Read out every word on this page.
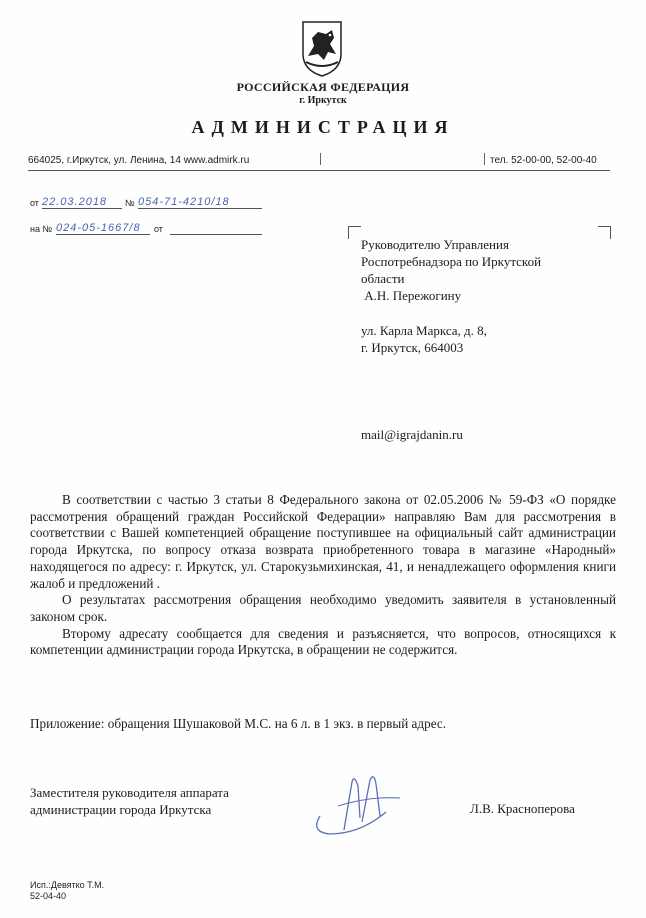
РОССИЙСКАЯ ФЕДЕРАЦИЯ
г. Иркутск
АДМИНИСТРАЦИЯ
664025, г.Иркутск, ул. Ленина, 14 www.admirk.ru	тел. 52-00-00, 52-00-40
от 22.03.2018 № 054-71-4210/18
на № 024-05-1667/8 от
Руководителю Управления
Роспотребнадзора по Иркутской
области
А.Н. Пережогину
ул. Карла Маркса, д. 8,
г. Иркутск, 664003
mail@igrajdanin.ru

В соответствии с частью 3 статьи 8 Федерального закона от 02.05.2006 № 59-ФЗ «О порядке рассмотрения обращений граждан Российской Федерации» направляю Вам для рассмотрения в соответствии с Вашей компетенцией обращение поступившее на официальный сайт администрации города Иркутска, по вопросу отказа возврата приобретенного товара в магазине «Народный» находящегося по адресу: г. Иркутск, ул. Старокузьмихинская, 41, и ненадлежащего оформления книги жалоб и предложений .

О результатах рассмотрения обращения необходимо уведомить заявителя в установленный законом срок.

Второму адресату сообщается для сведения и разъясняется, что вопросов, относящихся к компетенции администрации города Иркутска, в обращении не содержится.

Приложение: обращения Шушаковой М.С. на 6 л. в 1 экз. в первый адрес.
Заместителя руководителя аппарата
администрации города Иркутска	Л.В. Красноперова
Исп.:Девятко Т.М.
52-04-40
